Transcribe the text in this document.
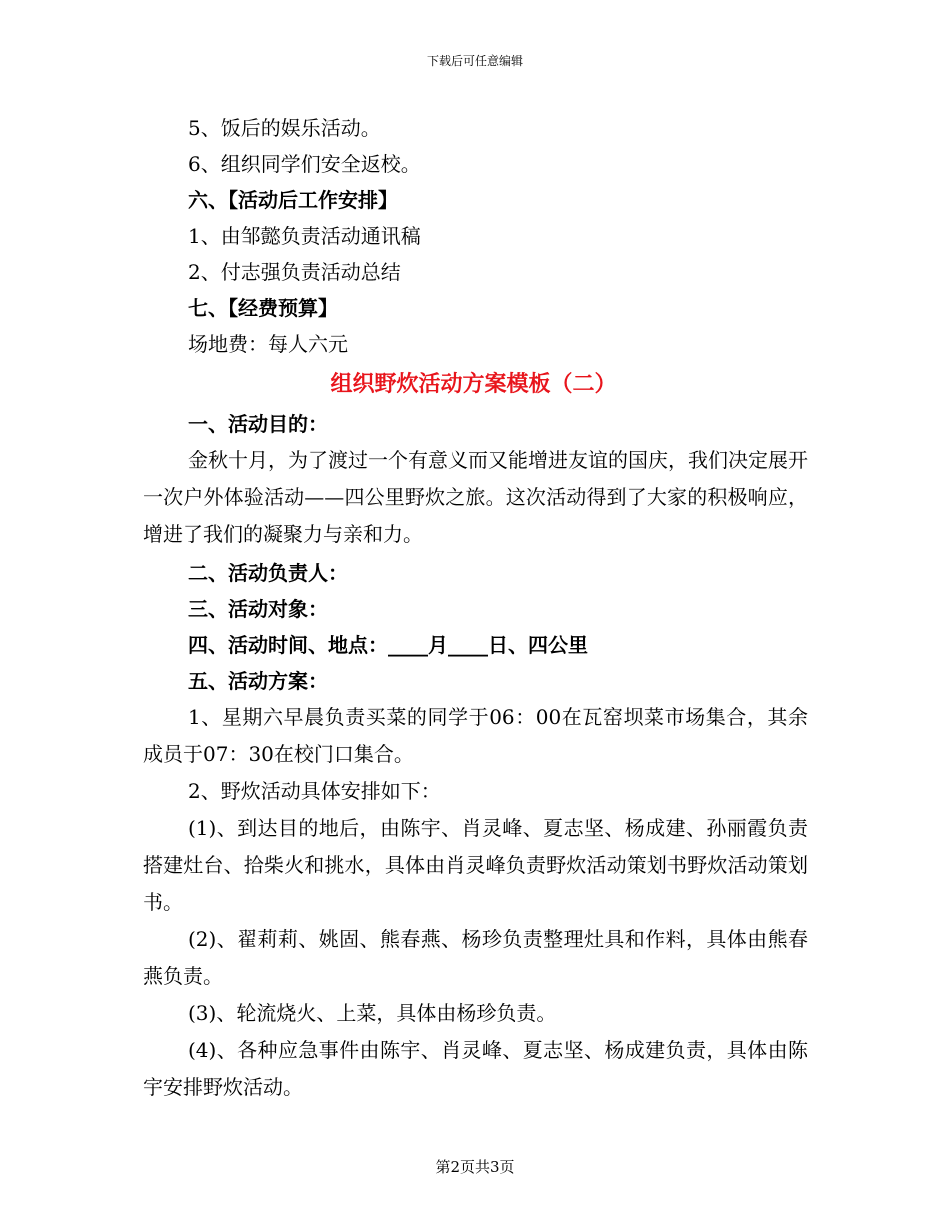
下载后可任意编辑
5、饭后的娱乐活动。
6、组织同学们安全返校。
六、【活动后工作安排】
1、由邹懿负责活动通讯稿
2、付志强负责活动总结
七、【经费预算】
场地费：每人六元
组织野炊活动方案模板（二）
一、活动目的：
金秋十月，为了渡过一个有意义而又能增进友谊的国庆，我们决定展开一次户外体验活动——四公里野炊之旅。这次活动得到了大家的积极响应，增进了我们的凝聚力与亲和力。
二、活动负责人：
三、活动对象：
四、活动时间、地点：____月____日、四公里
五、活动方案：
1、星期六早晨负责买菜的同学于06：00在瓦窑坝菜市场集合，其余成员于07：30在校门口集合。
2、野炊活动具体安排如下：
(1)、到达目的地后，由陈宇、肖灵峰、夏志坚、杨成建、孙丽霞负责搭建灶台、拾柴火和挑水，具体由肖灵峰负责野炊活动策划书野炊活动策划书。
(2)、翟莉莉、姚固、熊春燕、杨珍负责整理灶具和作料，具体由熊春燕负责。
(3)、轮流烧火、上菜，具体由杨珍负责。
(4)、各种应急事件由陈宇、肖灵峰、夏志坚、杨成建负责，具体由陈宇安排野炊活动。
第2页共3页
